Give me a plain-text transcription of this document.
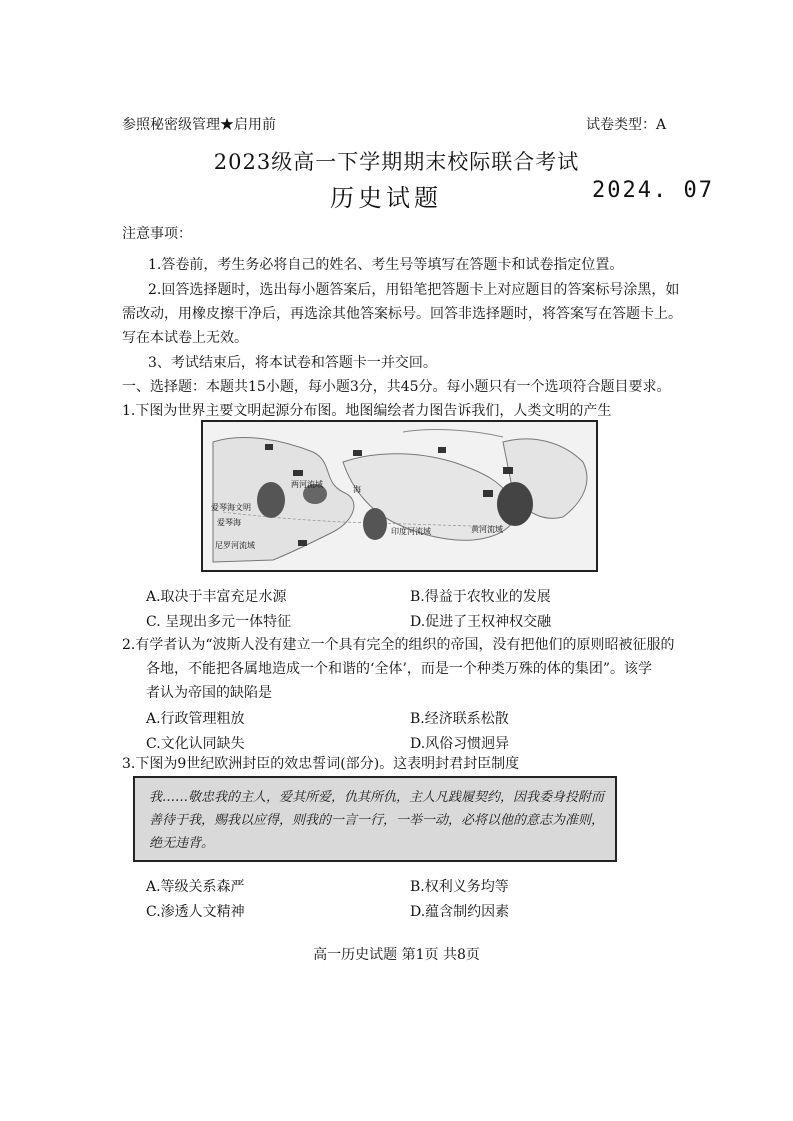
参照秘密级管理★启用前	试卷类型：A
2023级高一下学期期末校际联合考试
历史试题	2024. 07
注意事项：
1.答卷前，考生务必将自己的姓名、考生号等填写在答题卡和试卷指定位置。
2.回答选择题时，选出每小题答案后，用铅笔把答题卡上对应题目的答案标号涂黑，如
需改动，用橡皮擦干净后，再选涂其他答案标号。回答非选择题时，将答案写在答题卡上。
写在本试卷上无效。
3、考试结束后，将本试卷和答题卡一并交回。
一、选择题：本题共15小题，每小题3分，共45分。每小题只有一个选项符合题目要求。
1.下图为世界主要文明起源分布图。地图编绘者力图告诉我们，人类文明的产生
两河流域
海
印度河流域	黄河流域
尼罗河流域
爱琴海文明
爱琴海
A.取决于丰富充足水源	B.得益于农牧业的发展
C. 呈现出多元一体特征	D.促进了王权神权交融
2.有学者认为“波斯人没有建立一个具有完全的组织的帝国，没有把他们的原则昭被征服的
各地，不能把各属地造成一个和谐的‘全体’，而是一个种类万殊的体的集团”。该学
者认为帝国的缺陷是
A.行政管理粗放	B.经济联系松散
C.文化认同缺失	D.风俗习惯迥异
3.下图为9世纪欧洲封臣的效忠誓词(部分)。这表明封君封臣制度
我……敬忠我的主人，爱其所爱，仇其所仇，主人凡践履契约，因我委身投附而善待于我，赐我以应得，则我的一言一行，一举一动，必将以他的意志为准则，绝无违背。
A.等级关系森严	B.权利义务均等
C.渗透人文精神	D.蕴含制约因素
高一历史试题 第1页 共8页
